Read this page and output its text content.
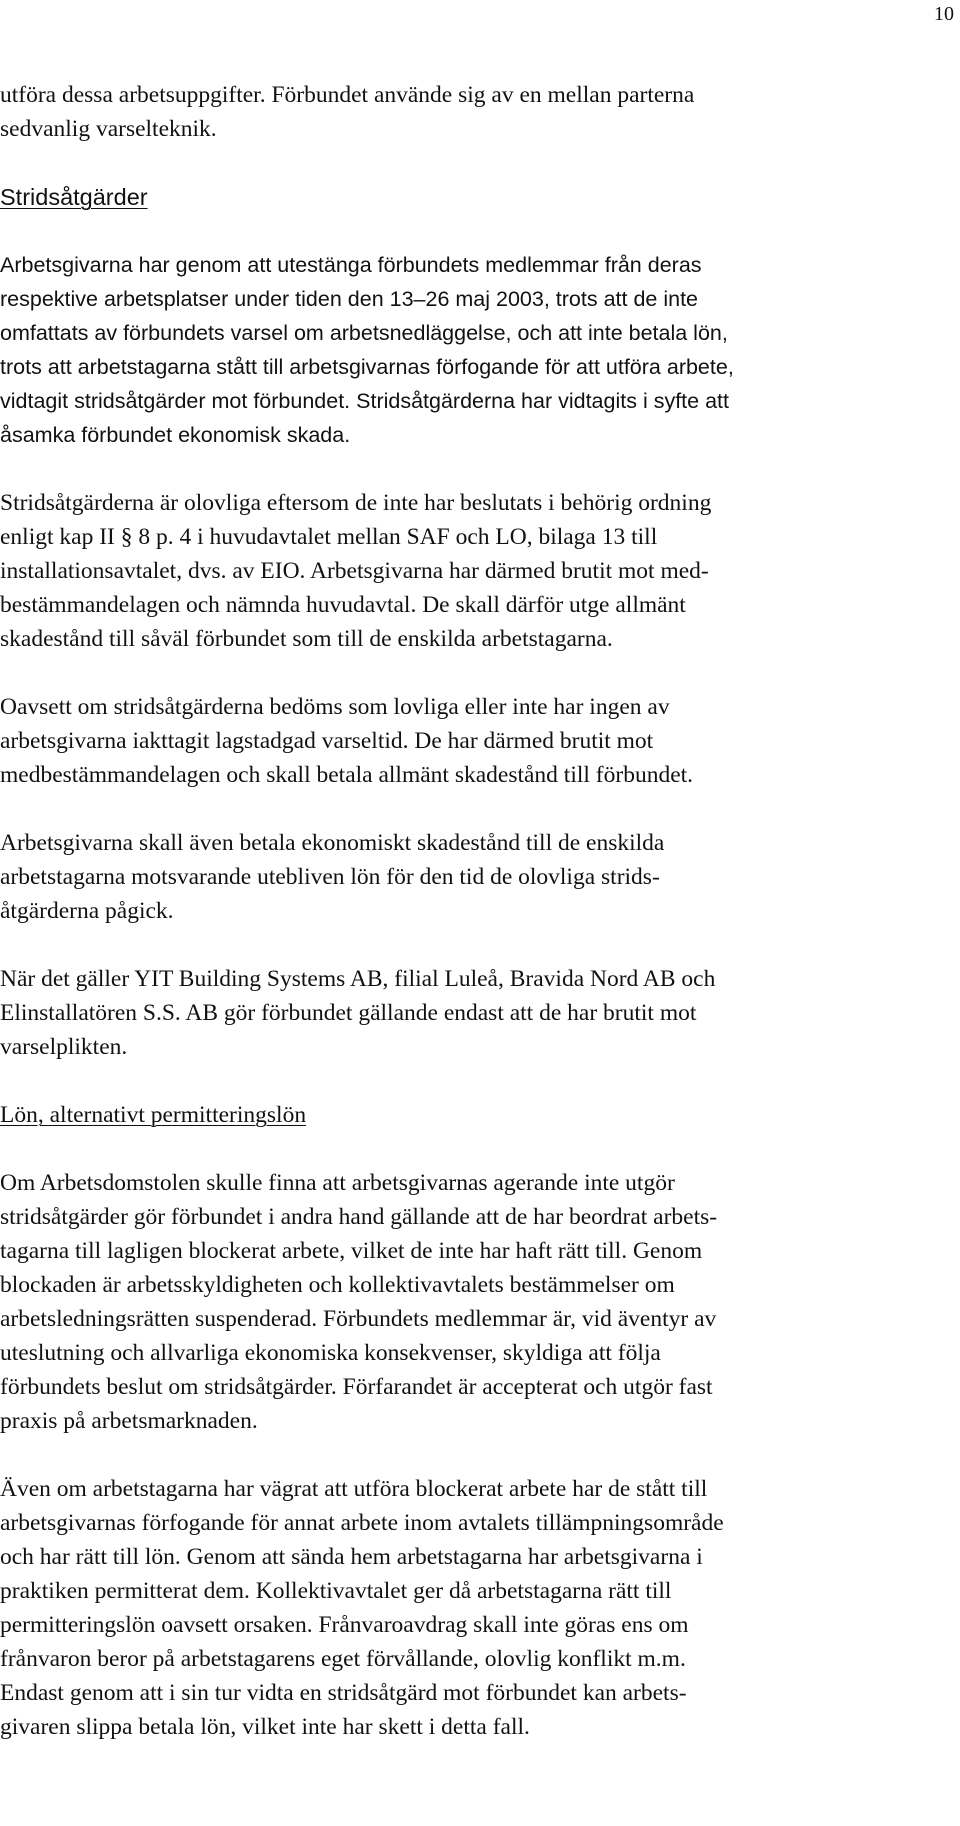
10

utföra dessa arbetsuppgifter. Förbundet använde sig av en mellan parterna
sedvanlig varselteknik.

Stridsåtgärder

Arbetsgivarna har genom att utestänga förbundets medlemmar från deras
respektive arbetsplatser under tiden den 13–26 maj 2003, trots att de inte
omfattats av förbundets varsel om arbetsnedläggelse, och att inte betala lön,
trots att arbetstagarna stått till arbetsgivarnas förfogande för att utföra arbete,
vidtagit stridsåtgärder mot förbundet. Stridsåtgärderna har vidtagits i syfte att
åsamka förbundet ekonomisk skada.

Stridsåtgärderna är olovliga eftersom de inte har beslutats i behörig ordning
enligt kap II § 8 p. 4 i huvudavtalet mellan SAF och LO, bilaga 13 till
installationsavtalet, dvs. av EIO. Arbetsgivarna har därmed brutit mot med-
bestämmandelagen och nämnda huvudavtal. De skall därför utge allmänt
skadestånd till såväl förbundet som till de enskilda arbetstagarna.

Oavsett om stridsåtgärderna bedöms som lovliga eller inte har ingen av
arbetsgivarna iakttagit lagstadgad varseltid. De har därmed brutit mot
medbestämmandelagen och skall betala allmänt skadestånd till förbundet.

Arbetsgivarna skall även betala ekonomiskt skadestånd till de enskilda
arbetstagarna motsvarande utebliven lön för den tid de olovliga strids-
åtgärderna pågick.

När det gäller YIT Building Systems AB, filial Luleå, Bravida Nord AB och
Elinstallatören S.S. AB gör förbundet gällande endast att de har brutit mot
varselplikten.

Lön, alternativt permitteringslön

Om Arbetsdomstolen skulle finna att arbetsgivarnas agerande inte utgör
stridsåtgärder gör förbundet i andra hand gällande att de har beordrat arbets-
tagarna till lagligen blockerat arbete, vilket de inte har haft rätt till. Genom
blockaden är arbetsskyldigheten och kollektivavtalets bestämmelser om
arbetsledningsrätten suspenderad. Förbundets medlemmar är, vid äventyr av
uteslutning och allvarliga ekonomiska konsekvenser, skyldiga att följa
förbundets beslut om stridsåtgärder. Förfarandet är accepterat och utgör fast
praxis på arbetsmarknaden.

Även om arbetstagarna har vägrat att utföra blockerat arbete har de stått till
arbetsgivarnas förfogande för annat arbete inom avtalets tillämpningsområde
och har rätt till lön. Genom att sända hem arbetstagarna har arbetsgivarna i
praktiken permitterat dem. Kollektivavtalet ger då arbetstagarna rätt till
permitteringslön oavsett orsaken. Frånvaroavdrag skall inte göras ens om
frånvaron beror på arbetstagarens eget förvållande, olovlig konflikt m.m.
Endast genom att i sin tur vidta en stridsåtgärd mot förbundet kan arbets-
givaren slippa betala lön, vilket inte har skett i detta fall.
